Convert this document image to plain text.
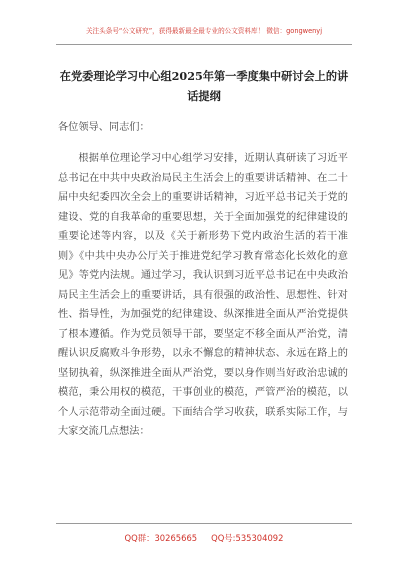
关注头条号“公文研究”，获得最新最全最专业的公文资料库！ 微信：gongwenyj
在党委理论学习中心组2025年第一季度集中研讨会上的讲话提纲
各位领导、同志们：

根据单位理论学习中心组学习安排，近期认真研读了习近平总书记在中共中央政治局民主生活会上的重要讲话精神、在二十届中央纪委四次全会上的重要讲话精神，习近平总书记关于党的建设、党的自我革命的重要思想，关于全面加强党的纪律建设的重要论述等内容，以及《关于新形势下党内政治生活的若干准则》《中共中央办公厅关于推进党纪学习教育常态化长效化的意见》等党内法规。通过学习，我认识到习近平总书记在中央政治局民主生活会上的重要讲话，具有很强的政治性、思想性、针对性、指导性，为加强党的纪律建设、纵深推进全面从严治党提供了根本遵循。作为党员领导干部，要坚定不移全面从严治党，清醒认识反腐败斗争形势，以永不懈怠的精神状态、永远在路上的坚韧执着，纵深推进全面从严治党，要以身作则当好政治忠诚的模范，秉公用权的模范，干事创业的模范，严管严治的模范，以个人示范带动全面过硬。下面结合学习收获，联系实际工作，与大家交流几点想法：

QQ群：30265665 QQ号:535304092
